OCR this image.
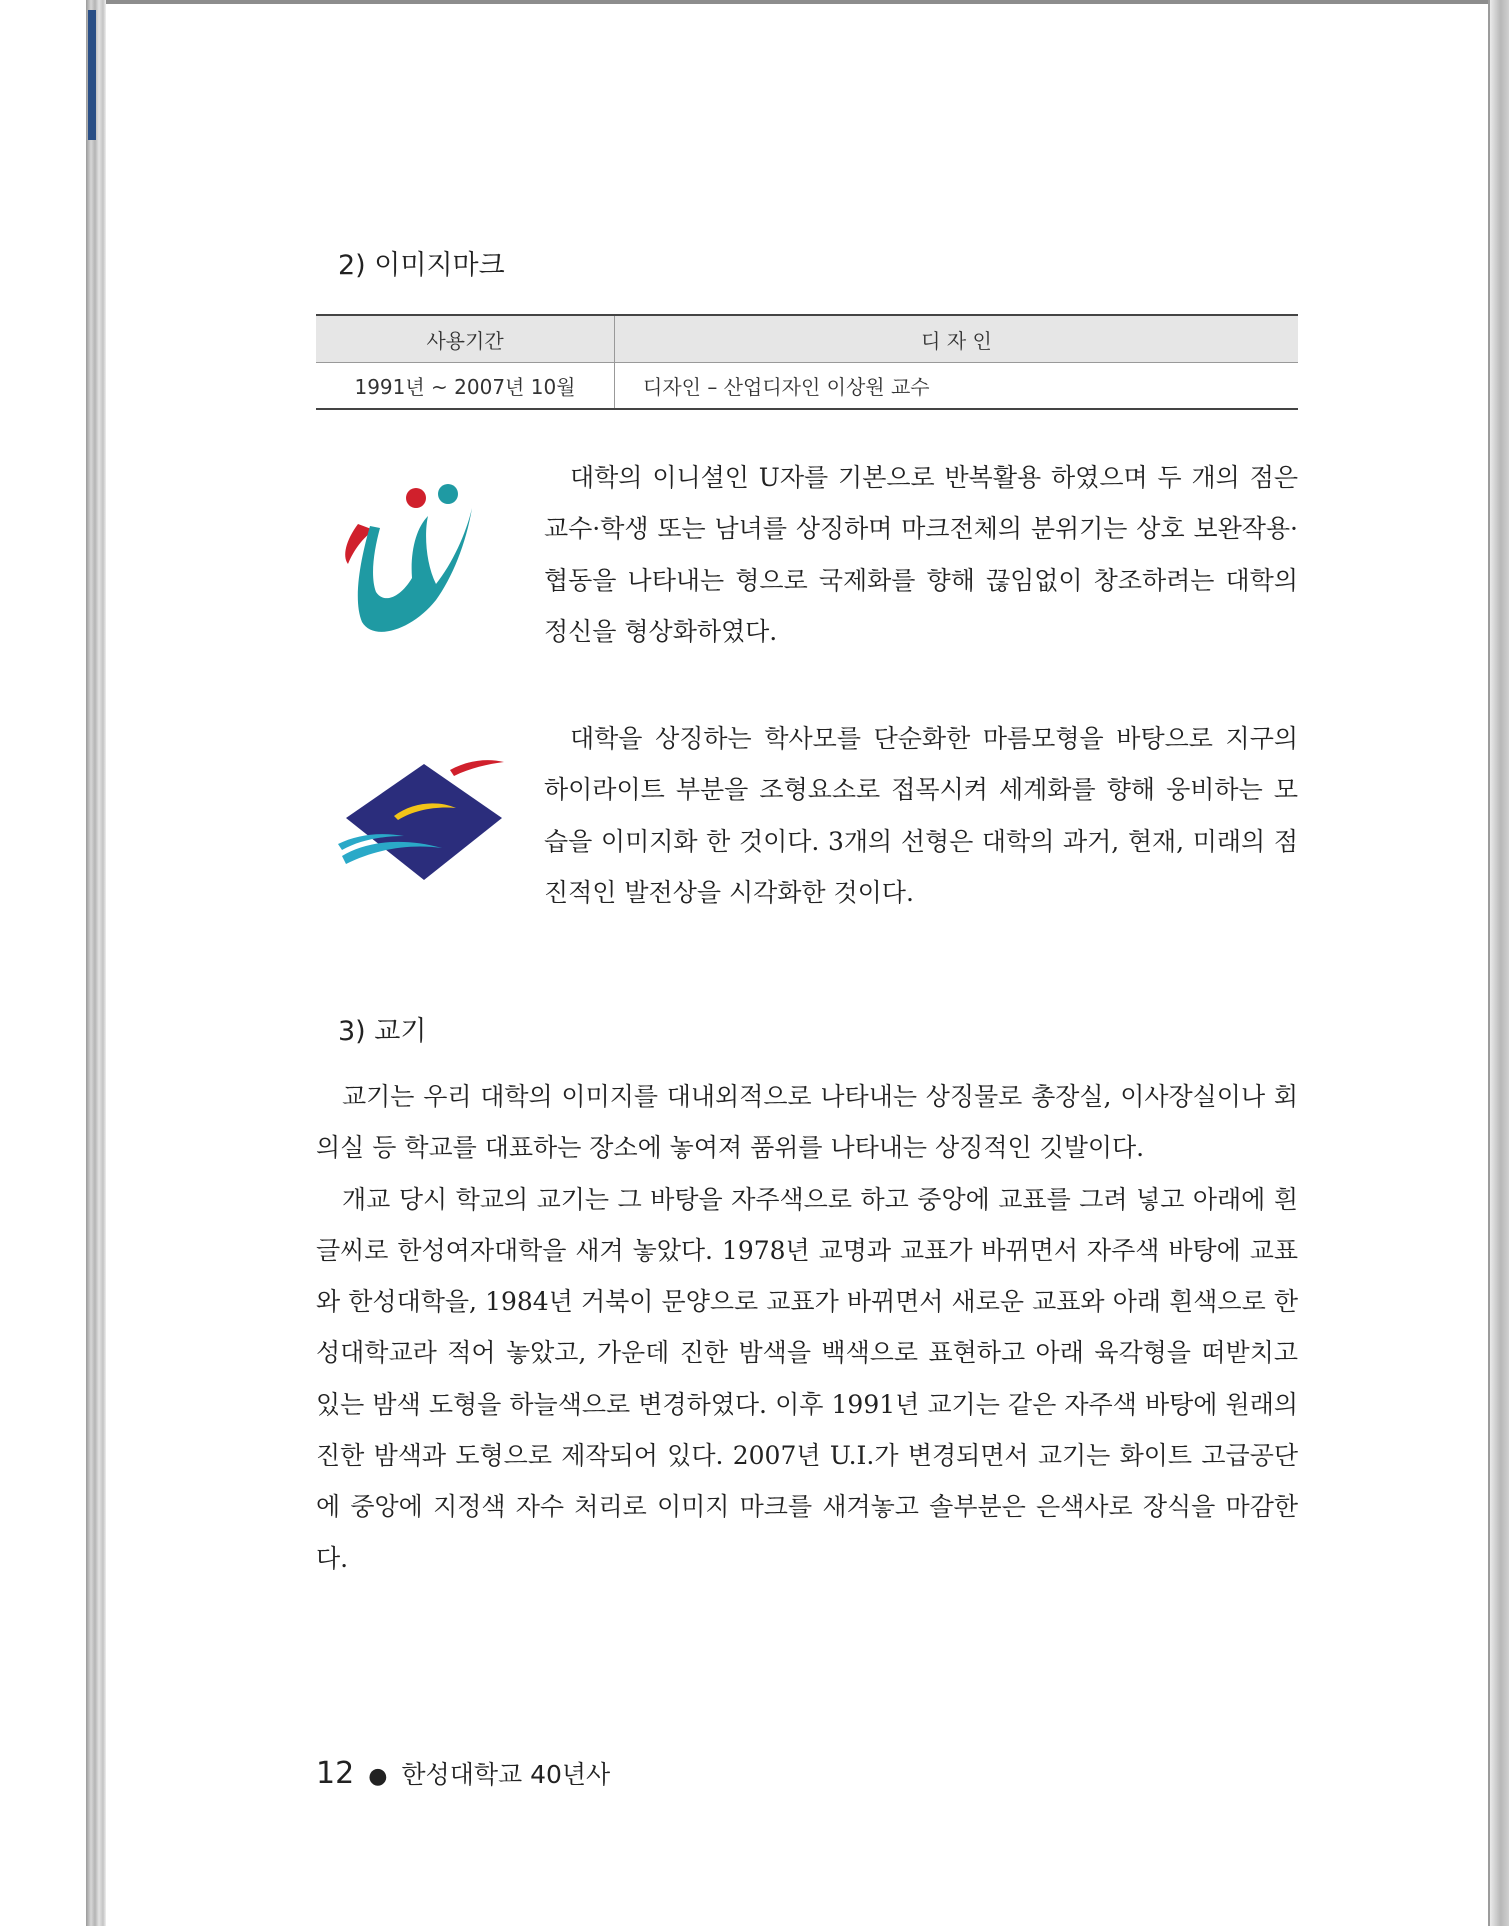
2) 이미지마크
사용기간	디 자 인
1991년 ~ 2007년 10월	디자인 – 산업디자인 이상원 교수

대학의 이니셜인 U자를 기본으로 반복활용 하였으며 두 개의 점은 교수·학생 또는 남녀를 상징하며 마크전체의 분위기는 상호 보완작용·협동을 나타내는 형으로 국제화를 향해 끊임없이 창조하려는 대학의 정신을 형상화하였다.

대학을 상징하는 학사모를 단순화한 마름모형을 바탕으로 지구의 하이라이트 부분을 조형요소로 접목시켜 세계화를 향해 웅비하는 모습을 이미지화 한 것이다. 3개의 선형은 대학의 과거, 현재, 미래의 점진적인 발전상을 시각화한 것이다.

3) 교기
교기는 우리 대학의 이미지를 대내외적으로 나타내는 상징물로 총장실, 이사장실이나 회의실 등 학교를 대표하는 장소에 놓여져 품위를 나타내는 상징적인 깃발이다.
개교 당시 학교의 교기는 그 바탕을 자주색으로 하고 중앙에 교표를 그려 넣고 아래에 흰 글씨로 한성여자대학을 새겨 놓았다. 1978년 교명과 교표가 바뀌면서 자주색 바탕에 교표와 한성대학을, 1984년 거북이 문양으로 교표가 바뀌면서 새로운 교표와 아래 흰색으로 한성대학교라 적어 놓았고, 가운데 진한 밤색을 백색으로 표현하고 아래 육각형을 떠받치고 있는 밤색 도형을 하늘색으로 변경하였다. 이후 1991년 교기는 같은 자주색 바탕에 원래의 진한 밤색과 도형으로 제작되어 있다. 2007년 U.I.가 변경되면서 교기는 화이트 고급공단에 중앙에 지정색 자수 처리로 이미지 마크를 새겨놓고 솔부분은 은색사로 장식을 마감한다.
12 ● 한성대학교 40년사
